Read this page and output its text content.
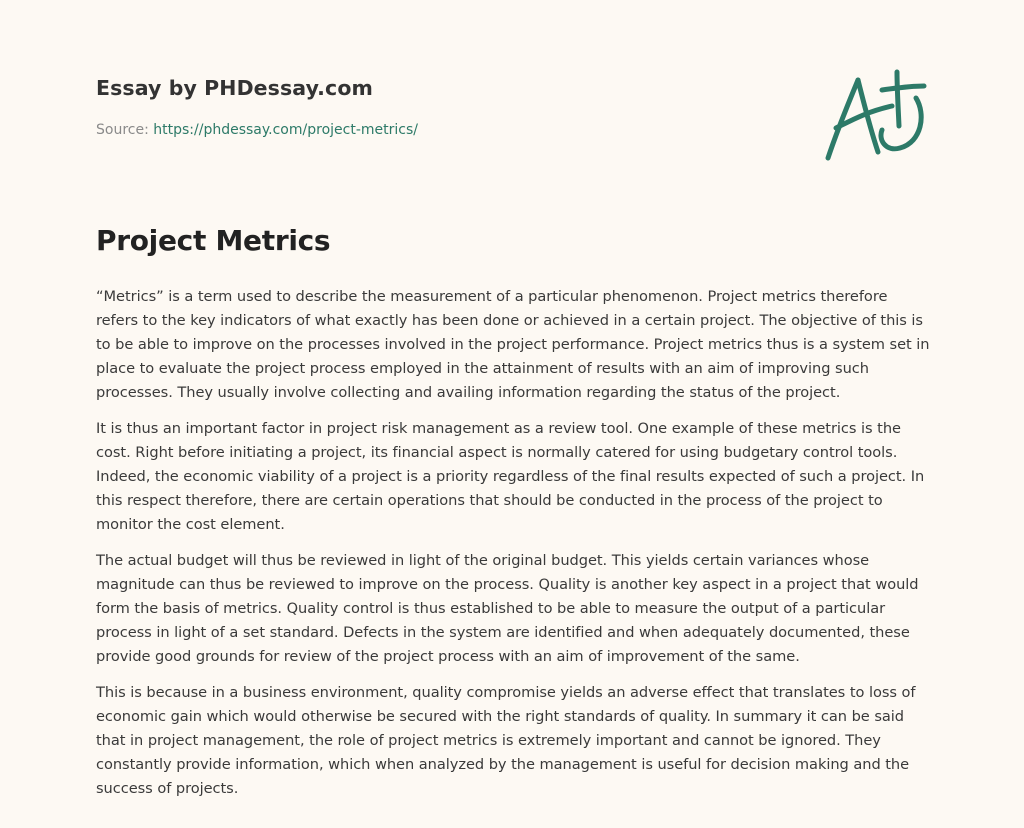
Essay by PHDessay.com
Source: https://phdessay.com/project-metrics/
Project Metrics

“Metrics” is a term used to describe the measurement of a particular phenomenon. Project metrics therefore refers to the key indicators of what exactly has been done or achieved in a certain project. The objective of this is to be able to improve on the processes involved in the project performance. Project metrics thus is a system set in place to evaluate the project process employed in the attainment of results with an aim of improving such processes. They usually involve collecting and availing information regarding the status of the project.

It is thus an important factor in project risk management as a review tool. One example of these metrics is the cost. Right before initiating a project, its financial aspect is normally catered for using budgetary control tools. Indeed, the economic viability of a project is a priority regardless of the final results expected of such a project. In this respect therefore, there are certain operations that should be conducted in the process of the project to monitor the cost element.

The actual budget will thus be reviewed in light of the original budget. This yields certain variances whose magnitude can thus be reviewed to improve on the process. Quality is another key aspect in a project that would form the basis of metrics. Quality control is thus established to be able to measure the output of a particular process in light of a set standard. Defects in the system are identified and when adequately documented, these provide good grounds for review of the project process with an aim of improvement of the same.

This is because in a business environment, quality compromise yields an adverse effect that translates to loss of economic gain which would otherwise be secured with the right standards of quality. In summary it can be said that in project management, the role of project metrics is extremely important and cannot be ignored. They constantly provide information, which when analyzed by the management is useful for decision making and the success of projects.
